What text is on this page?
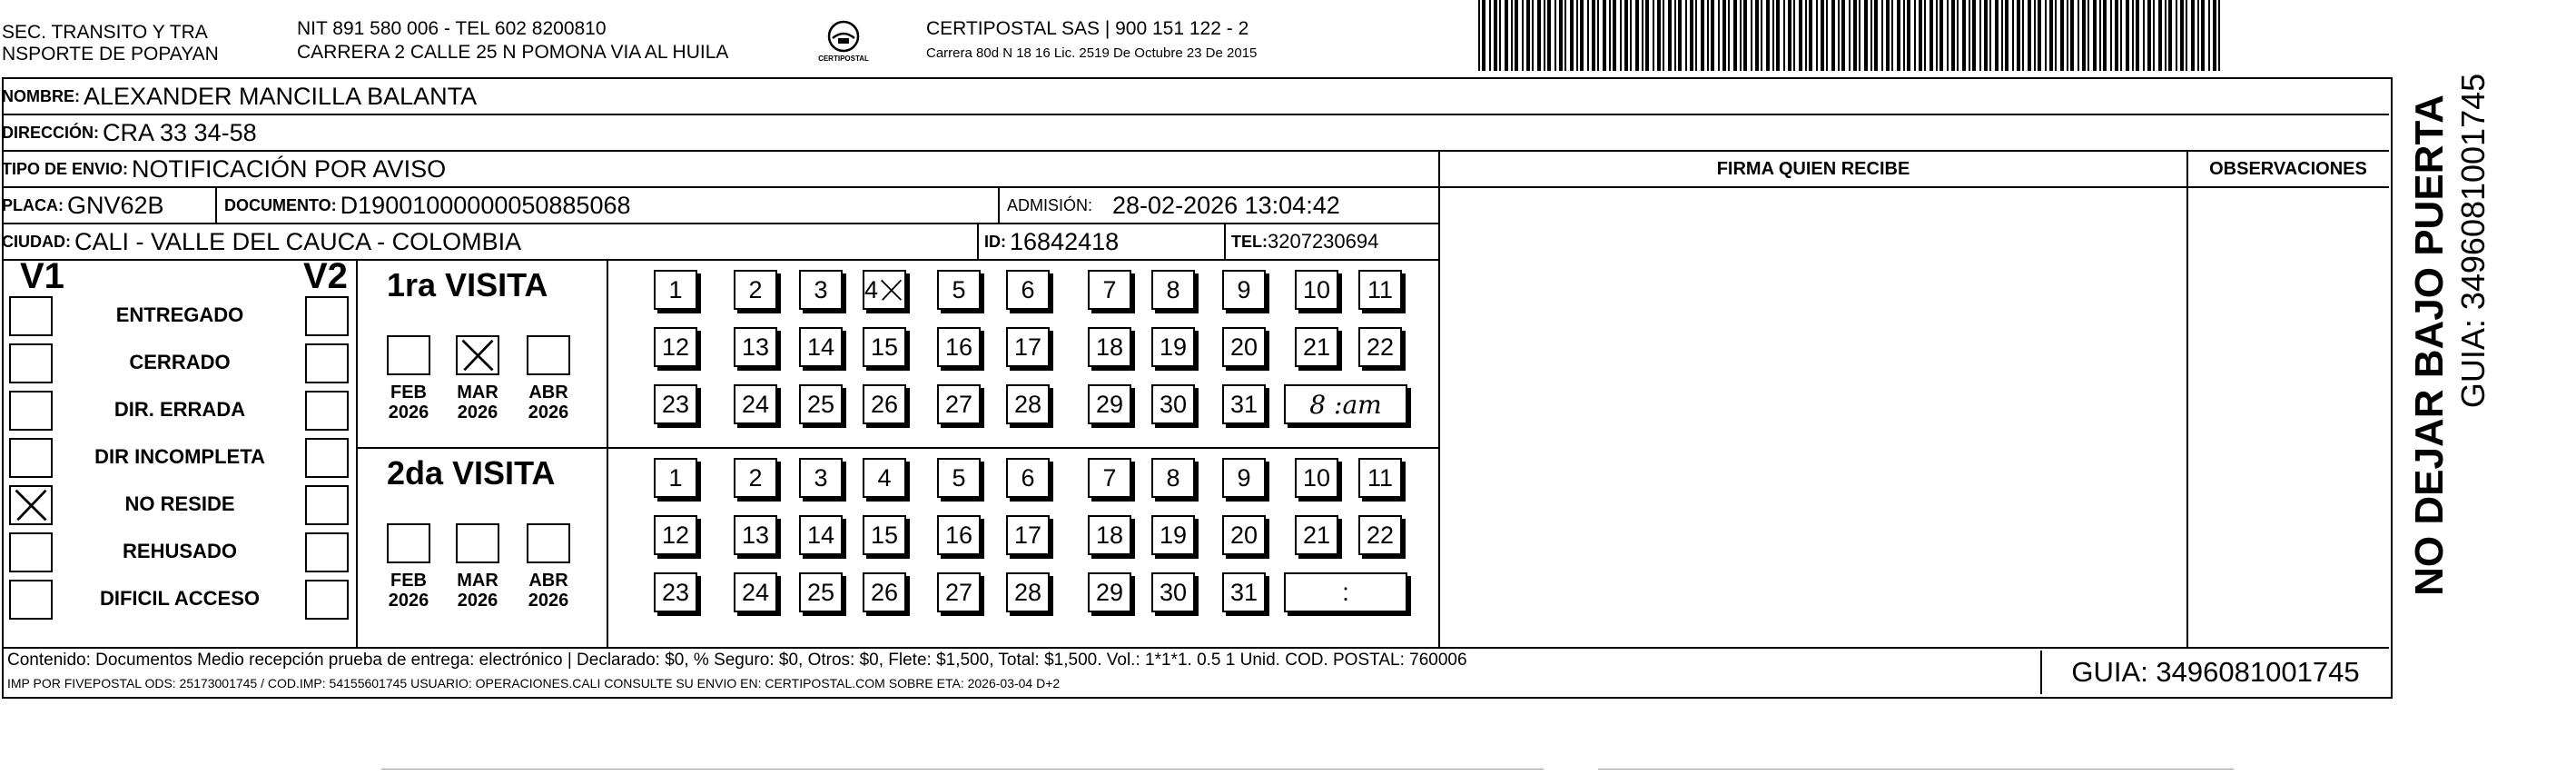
SEC. TRANSITO Y TRA
NSPORTE DE POPAYAN
NIT 891 580 006 - TEL 602 8200810
CARRERA 2 CALLE 25 N POMONA VIA AL HUILA	CERTIPOSTAL
CERTIPOSTAL SAS | 900 151 122 - 2
Carrera 80d N 18 16 Lic. 2519 De Octubre 23 De 2015
NOMBRE: ALEXANDER MANCILLA BALANTA
DIRECCIÓN: CRA 33 34-58
TIPO DE ENVIO: NOTIFICACIÓN POR AVISO
PLACA: GNV62B	DOCUMENTO: D19001000000050885068	ADMISIÓN: 28-02-2026 13:04:42
CIUDAD: CALI - VALLE DEL CAUCA - COLOMBIA	ID: 16842418	TEL: 3207230694
FIRMA QUIEN RECIBE	OBSERVACIONES
V1	V2
ENTREGADO
CERRADO
DIR. ERRADA
DIR INCOMPLETA
NO RESIDE
REHUSADO
DIFICIL ACCESO
1ra VISITA
FEB
2026
MAR
2026
ABR
2026
1	2	3	4	5	6	7	8	9	10	11
12	13	14	15	16	17	18	19	20	21	22
23	24	25	26	27	28	29	30	31	8 :am
2da VISITA
FEB
2026
MAR
2026
ABR
2026
1	2	3	4	5	6	7	8	9	10	11
12	13	14	15	16	17	18	19	20	21	22
23	24	25	26	27	28	29	30	31	:
Contenido: Documentos Medio recepción prueba de entrega: electrónico | Declarado: $0, % Seguro: $0, Otros: $0, Flete: $1,500, Total: $1,500. Vol.: 1*1*1. 0.5 1 Unid. COD. POSTAL: 760006
IMP POR FIVEPOSTAL ODS: 25173001745 / COD.IMP: 54155601745 USUARIO: OPERACIONES.CALI CONSULTE SU ENVIO EN: CERTIPOSTAL.COM SOBRE ETA: 2026-03-04 D+2	GUIA: 3496081001745
NO DEJAR BAJO PUERTA GUIA: 3496081001745
